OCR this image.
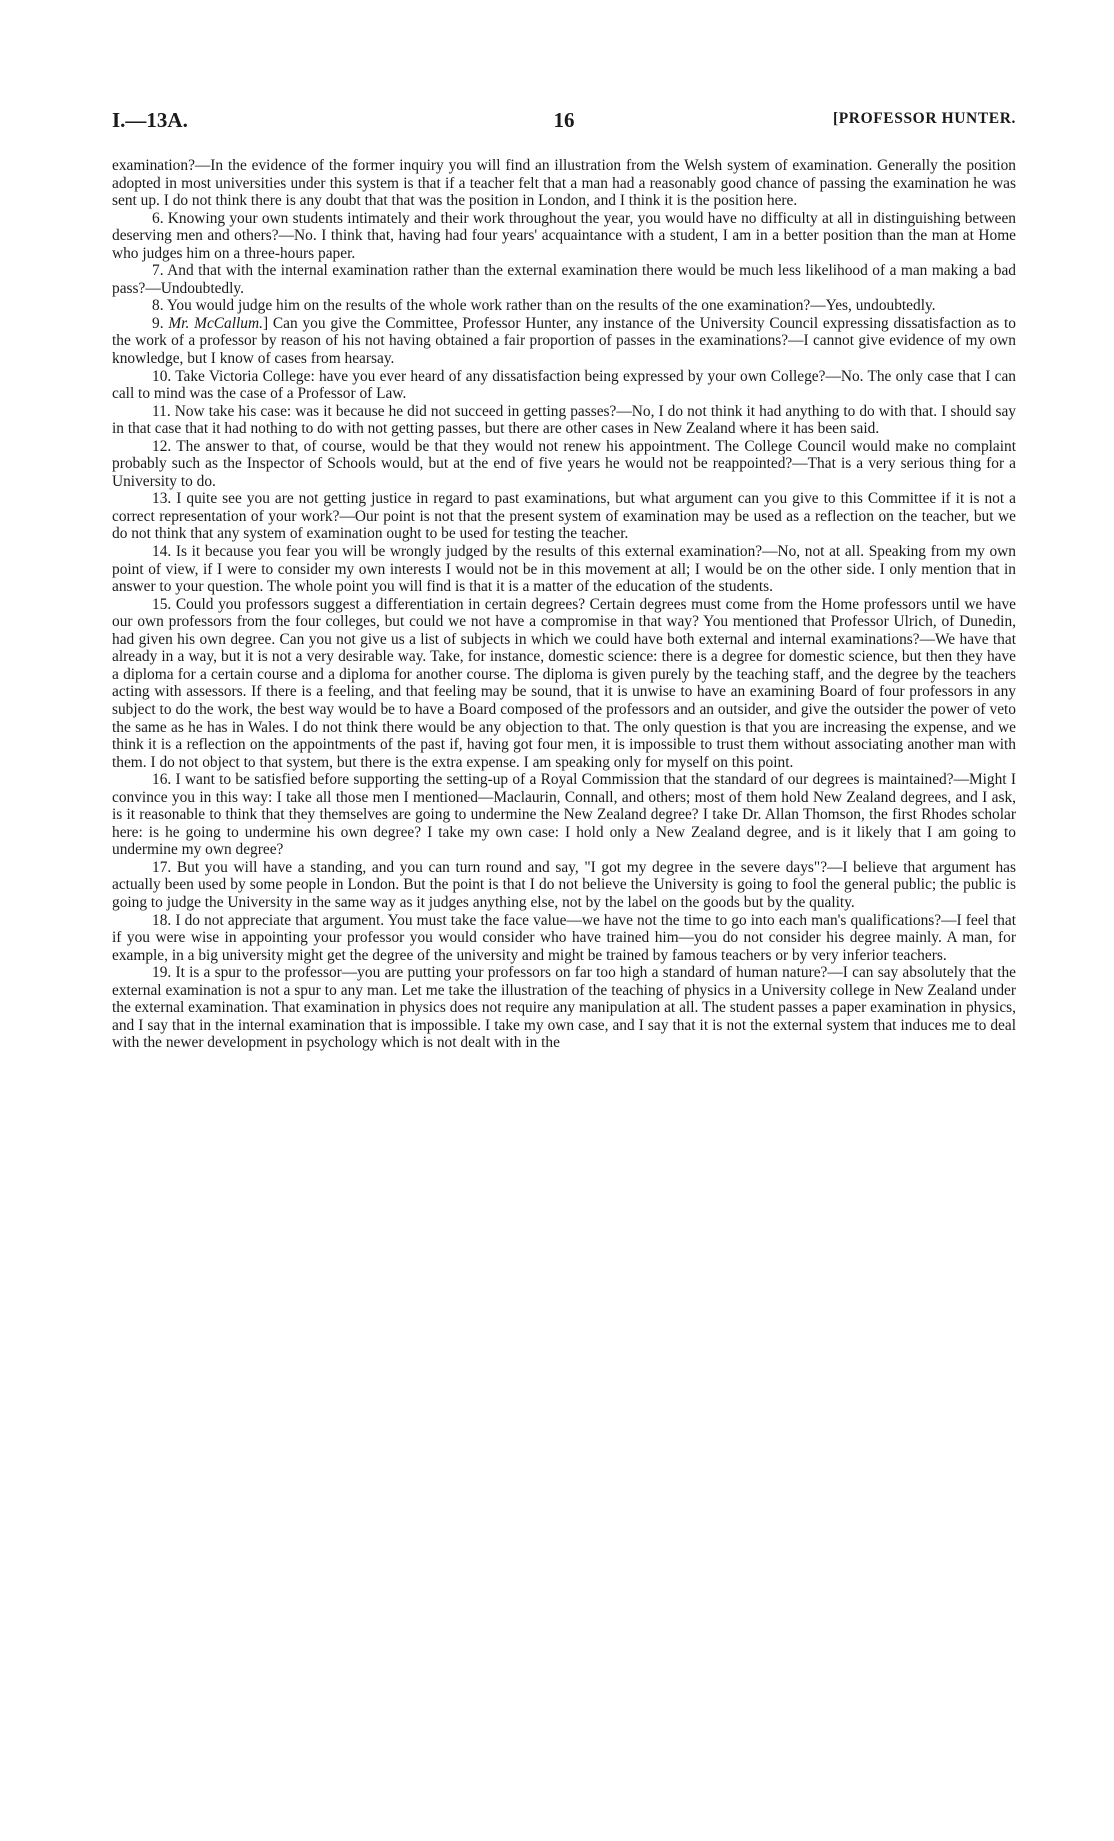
I.—13A.	16	[PROFESSOR HUNTER.

examination?—In the evidence of the former inquiry you will find an illustration from the Welsh system of examination. Generally the position adopted in most universities under this system is that if a teacher felt that a man had a reasonably good chance of passing the examination he was sent up. I do not think there is any doubt that that was the position in London, and I think it is the position here.

6. Knowing your own students intimately and their work throughout the year, you would have no difficulty at all in distinguishing between deserving men and others?—No. I think that, having had four years' acquaintance with a student, I am in a better position than the man at Home who judges him on a three-hours paper.

7. And that with the internal examination rather than the external examination there would be much less likelihood of a man making a bad pass?—Undoubtedly.

8. You would judge him on the results of the whole work rather than on the results of the one examination?—Yes, undoubtedly.

9. Mr. McCallum.] Can you give the Committee, Professor Hunter, any instance of the University Council expressing dissatisfaction as to the work of a professor by reason of his not having obtained a fair proportion of passes in the examinations?—I cannot give evidence of my own knowledge, but I know of cases from hearsay.

10. Take Victoria College: have you ever heard of any dissatisfaction being expressed by your own College?—No. The only case that I can call to mind was the case of a Professor of Law.

11. Now take his case: was it because he did not succeed in getting passes?—No, I do not think it had anything to do with that. I should say in that case that it had nothing to do with not getting passes, but there are other cases in New Zealand where it has been said.

12. The answer to that, of course, would be that they would not renew his appointment. The College Council would make no complaint probably such as the Inspector of Schools would, but at the end of five years he would not be reappointed?—That is a very serious thing for a University to do.

13. I quite see you are not getting justice in regard to past examinations, but what argument can you give to this Committee if it is not a correct representation of your work?—Our point is not that the present system of examination may be used as a reflection on the teacher, but we do not think that any system of examination ought to be used for testing the teacher.

14. Is it because you fear you will be wrongly judged by the results of this external examination?—No, not at all. Speaking from my own point of view, if I were to consider my own interests I would not be in this movement at all; I would be on the other side. I only mention that in answer to your question. The whole point you will find is that it is a matter of the education of the students.

15. Could you professors suggest a differentiation in certain degrees? Certain degrees must come from the Home professors until we have our own professors from the four colleges, but could we not have a compromise in that way? You mentioned that Professor Ulrich, of Dunedin, had given his own degree. Can you not give us a list of subjects in which we could have both external and internal examinations?—We have that already in a way, but it is not a very desirable way. Take, for instance, domestic science: there is a degree for domestic science, but then they have a diploma for a certain course and a diploma for another course. The diploma is given purely by the teaching staff, and the degree by the teachers acting with assessors. If there is a feeling, and that feeling may be sound, that it is unwise to have an examining Board of four professors in any subject to do the work, the best way would be to have a Board composed of the professors and an outsider, and give the outsider the power of veto the same as he has in Wales. I do not think there would be any objection to that. The only question is that you are increasing the expense, and we think it is a reflection on the appointments of the past if, having got four men, it is impossible to trust them without associating another man with them. I do not object to that system, but there is the extra expense. I am speaking only for myself on this point.

16. I want to be satisfied before supporting the setting-up of a Royal Commission that the standard of our degrees is maintained?—Might I convince you in this way: I take all those men I mentioned—Maclaurin, Connall, and others; most of them hold New Zealand degrees, and I ask, is it reasonable to think that they themselves are going to undermine the New Zealand degree? I take Dr. Allan Thomson, the first Rhodes scholar here: is he going to undermine his own degree? I take my own case: I hold only a New Zealand degree, and is it likely that I am going to undermine my own degree?

17. But you will have a standing, and you can turn round and say, "I got my degree in the severe days"?—I believe that argument has actually been used by some people in London. But the point is that I do not believe the University is going to fool the general public; the public is going to judge the University in the same way as it judges anything else, not by the label on the goods but by the quality.

18. I do not appreciate that argument. You must take the face value—we have not the time to go into each man's qualifications?—I feel that if you were wise in appointing your professor you would consider who have trained him—you do not consider his degree mainly. A man, for example, in a big university might get the degree of the university and might be trained by famous teachers or by very inferior teachers.

19. It is a spur to the professor—you are putting your professors on far too high a standard of human nature?—I can say absolutely that the external examination is not a spur to any man. Let me take the illustration of the teaching of physics in a University college in New Zealand under the external examination. That examination in physics does not require any manipulation at all. The student passes a paper examination in physics, and I say that in the internal examination that is impossible. I take my own case, and I say that it is not the external system that induces me to deal with the newer development in psychology which is not dealt with in the
